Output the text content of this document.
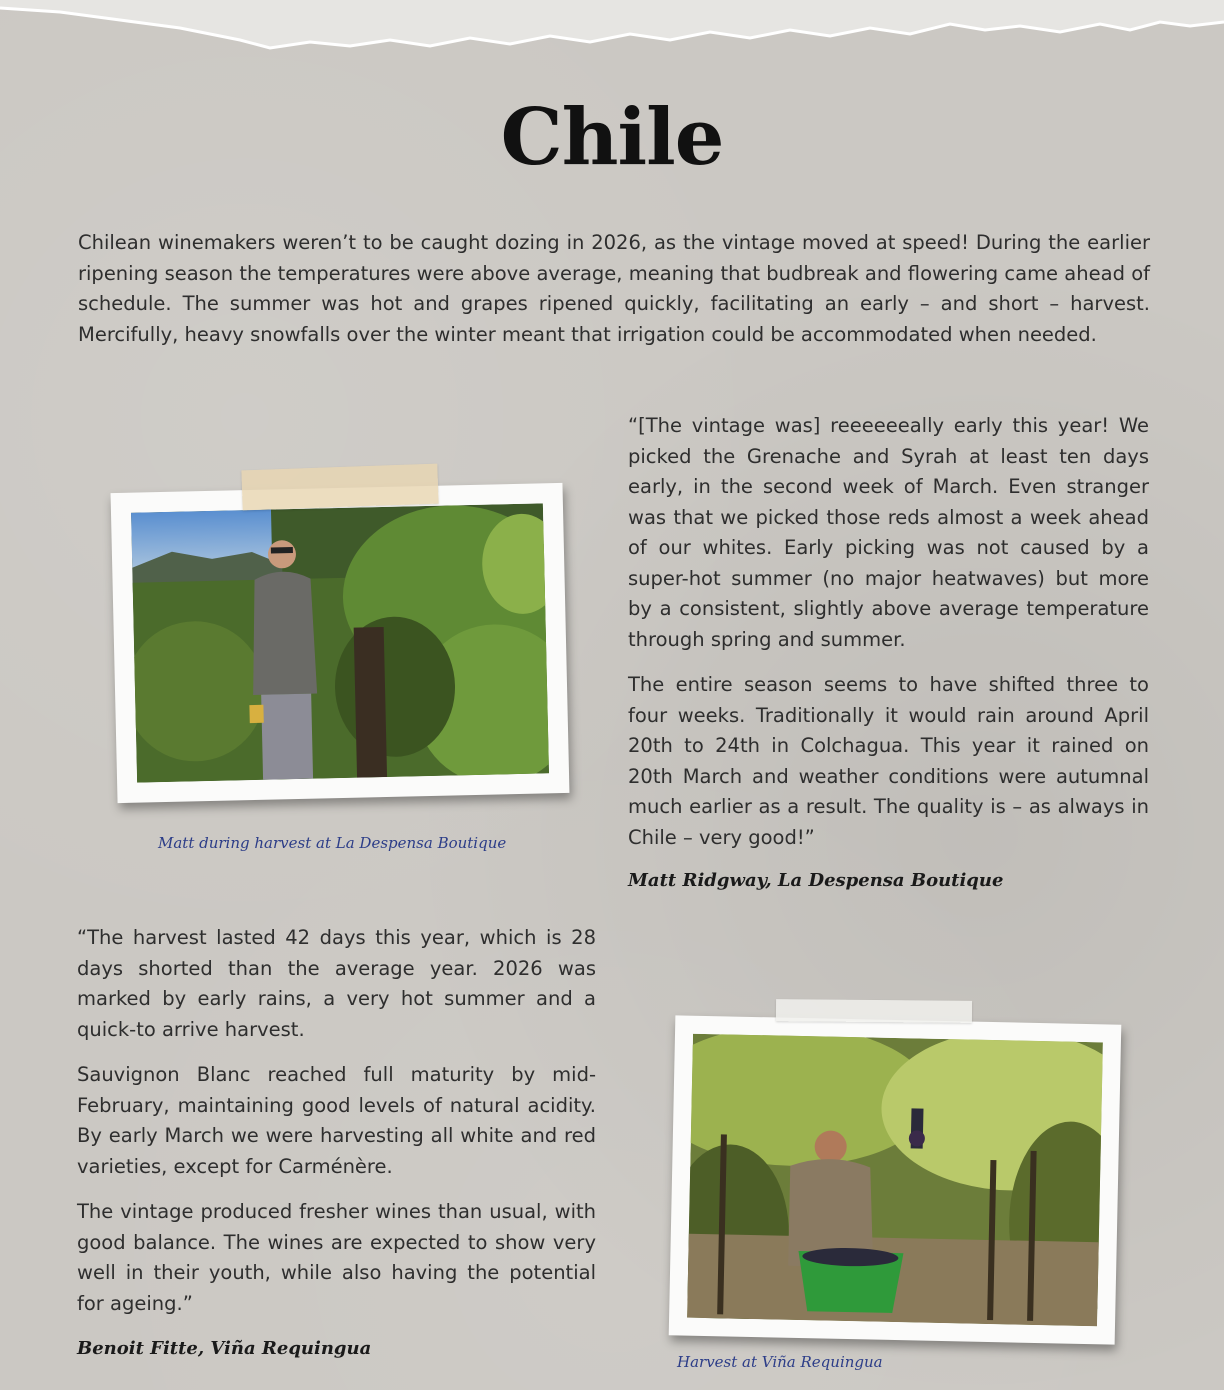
Chile

Chilean winemakers weren’t to be caught dozing in 2026, as the vintage moved at speed! During the earlier ripening season the temperatures were above average, meaning that budbreak and flowering came ahead of schedule. The summer was hot and grapes ripened quickly, facilitating an early – and short – harvest. Mercifully, heavy snowfalls over the winter meant that irrigation could be accommodated when needed.

“[The vintage was] reeeeeeally early this year! We picked the Grenache and Syrah at least ten days early, in the second week of March. Even stranger was that we picked those reds almost a week ahead of our whites. Early picking was not caused by a super-hot summer (no major heatwaves) but more by a consistent, slightly above average temperature through spring and summer.

The entire season seems to have shifted three to four weeks. Traditionally it would rain around April 20th to 24th in Colchagua. This year it rained on 20th March and weather conditions were autumnal much earlier as a result. The quality is – as always in Chile – very good!”

Matt Ridgway, La Despensa Boutique

Matt during harvest at La Despensa Boutique

“The harvest lasted 42 days this year, which is 28 days shorted than the average year. 2026 was marked by early rains, a very hot summer and a quick-to arrive harvest.

Sauvignon Blanc reached full maturity by mid-February, maintaining good levels of natural acidity. By early March we were harvesting all white and red varieties, except for Carménère.

The vintage produced fresher wines than usual, with good balance. The wines are expected to show very well in their youth, while also having the potential for ageing.”

Benoit Fitte, Viña Requingua

Harvest at Viña Requingua
